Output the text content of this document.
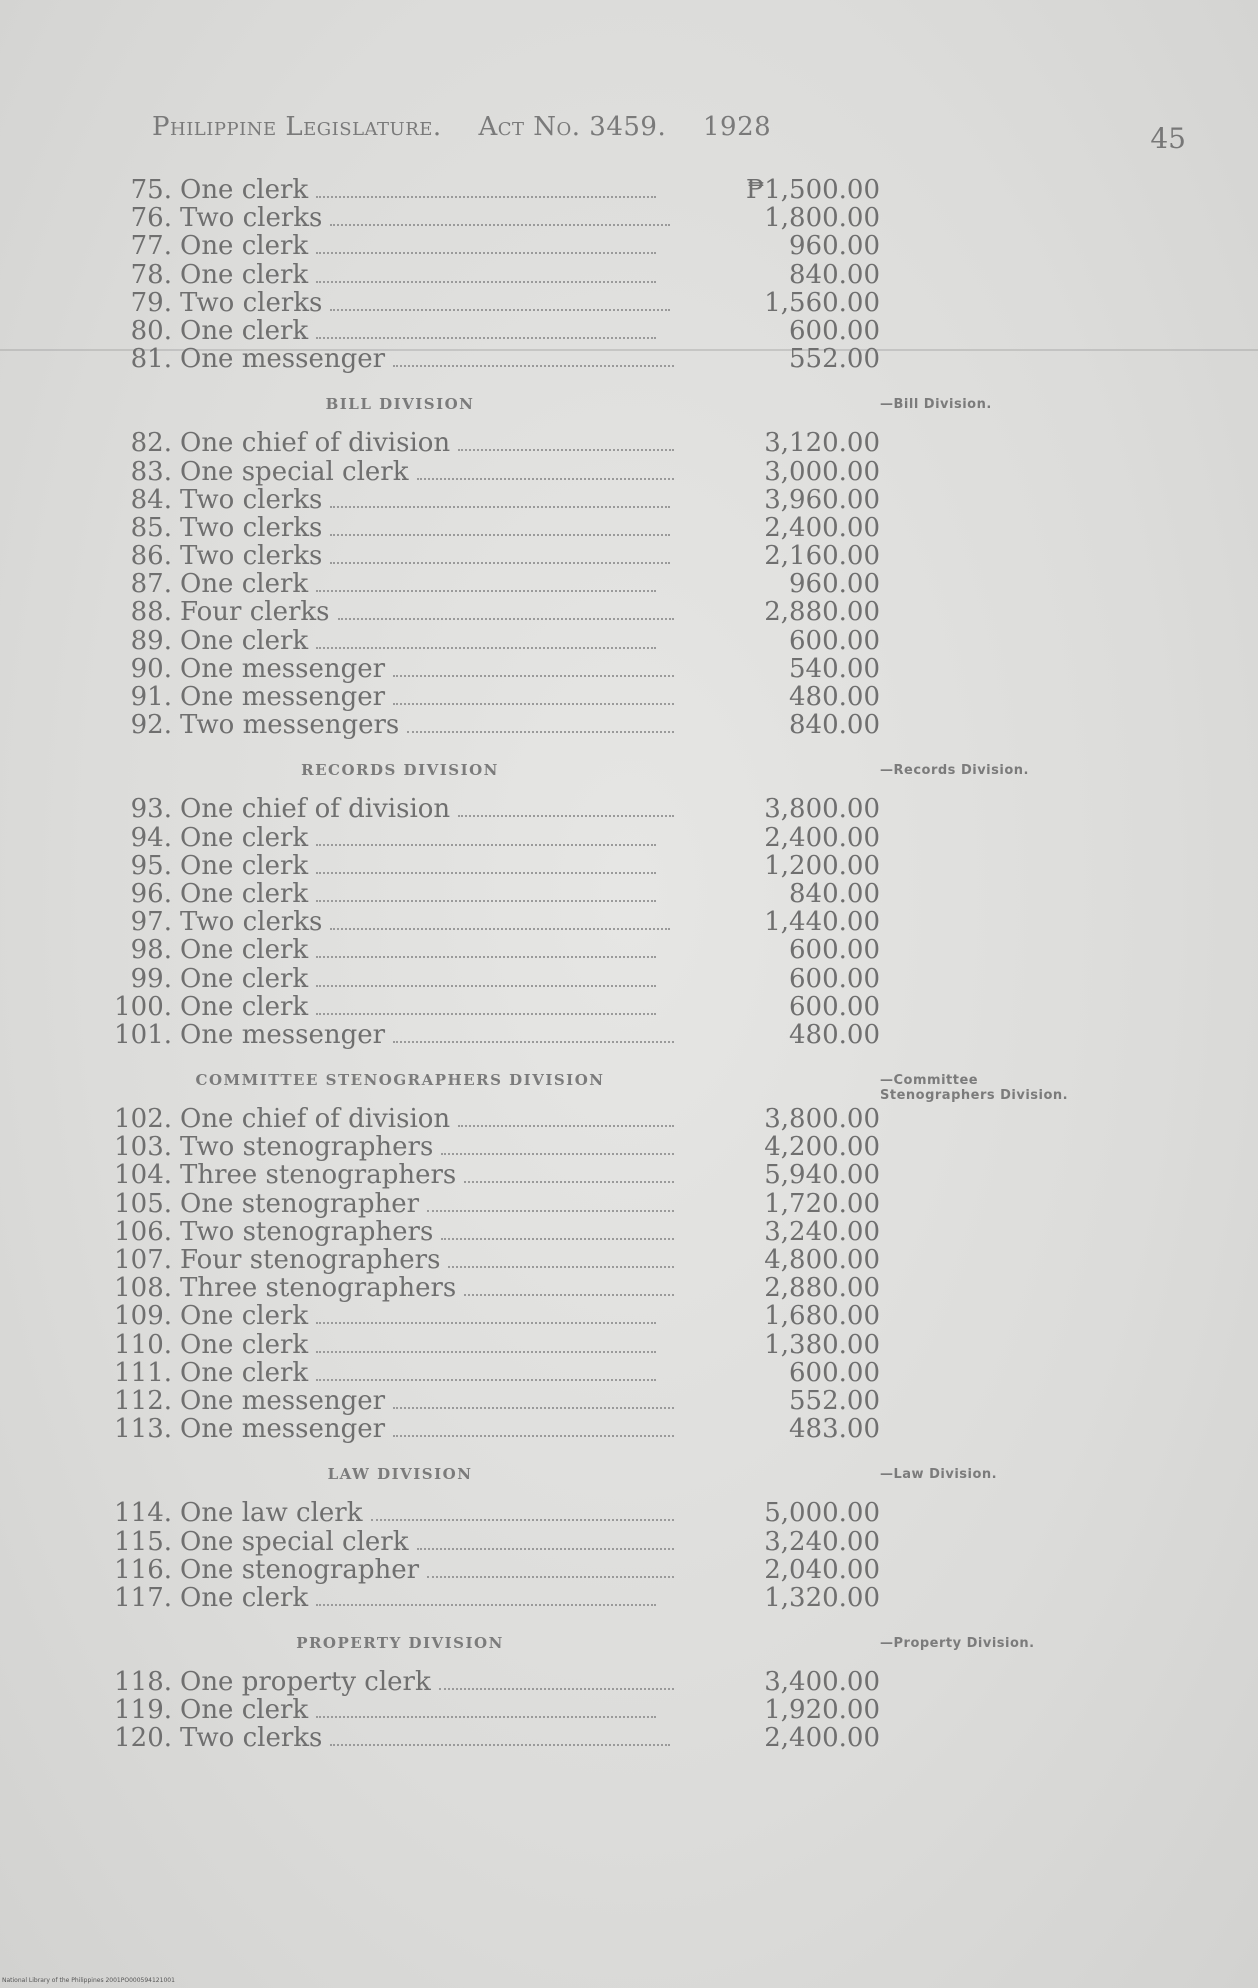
Philippine Legislature. Act No. 3459. 1928	45
75. One clerk	₱1,500.00
76. Two clerks	1,800.00
77. One clerk	960.00
78. One clerk	840.00
79. Two clerks	1,560.00
80. One clerk	600.00
81. One messenger	552.00
BILL DIVISION	—Bill Division.
82. One chief of division	3,120.00
83. One special clerk	3,000.00
84. Two clerks	3,960.00
85. Two clerks	2,400.00
86. Two clerks	2,160.00
87. One clerk	960.00
88. Four clerks	2,880.00
89. One clerk	600.00
90. One messenger	540.00
91. One messenger	480.00
92. Two messengers	840.00
RECORDS DIVISION	—Records Division.
93. One chief of division	3,800.00
94. One clerk	2,400.00
95. One clerk	1,200.00
96. One clerk	840.00
97. Two clerks	1,440.00
98. One clerk	600.00
99. One clerk	600.00
100. One clerk	600.00
101. One messenger	480.00
COMMITTEE STENOGRAPHERS DIVISION	—Committee Stenographers Division.
102. One chief of division	3,800.00
103. Two stenographers	4,200.00
104. Three stenographers	5,940.00
105. One stenographer	1,720.00
106. Two stenographers	3,240.00
107. Four stenographers	4,800.00
108. Three stenographers	2,880.00
109. One clerk	1,680.00
110. One clerk	1,380.00
111. One clerk	600.00
112. One messenger	552.00
113. One messenger	483.00
LAW DIVISION	—Law Division.
114. One law clerk	5,000.00
115. One special clerk	3,240.00
116. One stenographer	2,040.00
117. One clerk	1,320.00
PROPERTY DIVISION	—Property Division.
118. One property clerk	3,400.00
119. One clerk	1,920.00
120. Two clerks	2,400.00
National Library of the Philippines 2001PO000594121001
